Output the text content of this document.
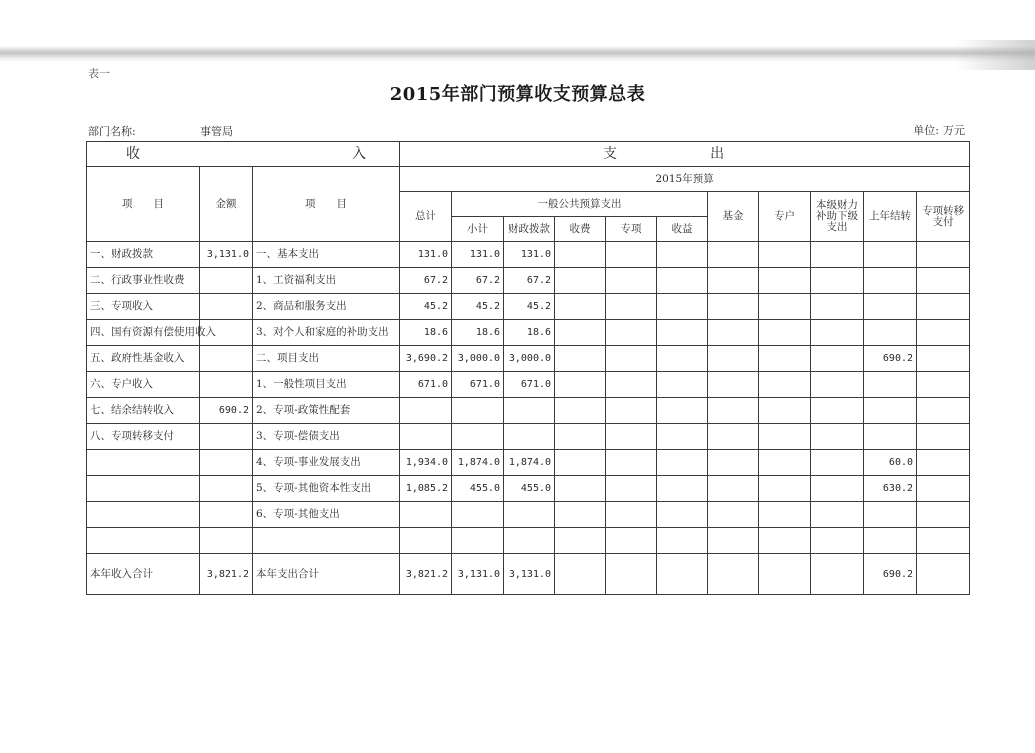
表一
2015年部门预算收支预算总表
部门名称:	事管局	单位: 万元
收 入			支 出										

项　　目	金额	项　　目	2015年预算										
			总计	一般公共预算支出					基金	专户	本级财力
补助下级
支出	上年结转	专项转移
支付
				小计	财政拨款	收费	专项	收益					
一、财政拨款	3,131.0	一、基本支出	131.0	131.0	131.0								
二、行政事业性收费		1、工资福利支出	67.2	67.2	67.2								
三、专项收入		2、商品和服务支出	45.2	45.2	45.2								
四、国有资源有偿使用收入		3、对个人和家庭的补助支出	18.6	18.6	18.6								
五、政府性基金收入		二、项目支出	3,690.2	3,000.0	3,000.0							690.2	
六、专户收入		1、一般性项目支出	671.0	671.0	671.0								
七、结余结转收入	690.2	2、专项-政策性配套											
八、专项转移支付		3、专项-偿债支出											
		4、专项-事业发展支出	1,934.0	1,874.0	1,874.0							60.0	
		5、专项-其他资本性支出	1,085.2	455.0	455.0							630.2	
		6、专项-其他支出											

本年收入合计	3,821.2	本年支出合计	3,821.2	3,131.0	3,131.0							690.2	
